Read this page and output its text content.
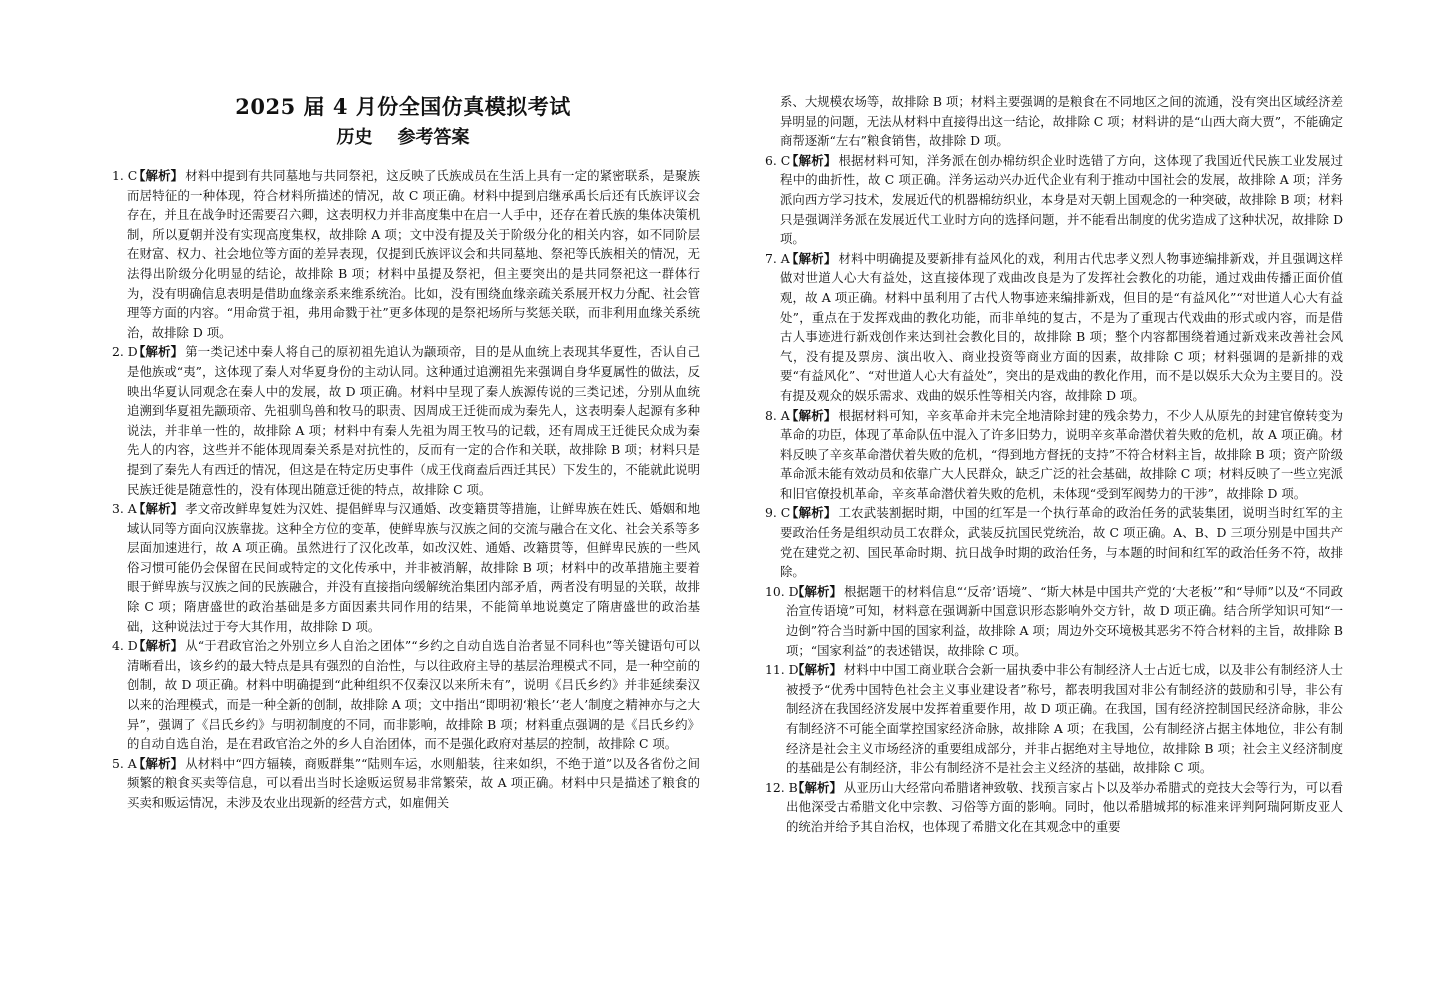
2025 届 4 月份全国仿真模拟考试
历史    参考答案
1. C
【解析】 材料中提到有共同墓地与共同祭祀，这反映了氏族成员在生活上具有一定的紧密联系，是聚族而居特征的一种体现，符合材料所描述的情况，故 C 项正确。材料中提到启继承禹长后还有氏族评议会存在，并且在战争时还需要召六卿，这表明权力并非高度集中在启一人手中，还存在着氏族的集体决策机制，所以夏朝并没有实现高度集权，故排除 A 项；文中没有提及关于阶级分化的相关内容，如不同阶层在财富、权力、社会地位等方面的差异表现，仅提到氏族评议会和共同墓地、祭祀等氏族相关的情况，无法得出阶级分化明显的结论，故排除 B 项；材料中虽提及祭祀，但主要突出的是共同祭祀这一群体行为，没有明确信息表明是借助血缘亲系来维系统治。比如，没有围绕血缘亲疏关系展开权力分配、社会管理等方面的内容。“用命赏于祖，弗用命戮于社”更多体现的是祭祀场所与奖惩关联，而非利用血缘关系统治，故排除 D 项。
2. D
【解析】 第一类记述中秦人将自己的原初祖先追认为颛顼帝，目的是从血统上表现其华夏性，否认自己是他族或“夷”，这体现了秦人对华夏身份的主动认同。这种通过追溯祖先来强调自身华夏属性的做法，反映出华夏认同观念在秦人中的发展，故 D 项正确。材料中呈现了秦人族源传说的三类记述，分别从血统追溯到华夏祖先颛顼帝、先祖驯鸟兽和牧马的职责、因周成王迁徙而成为秦先人，这表明秦人起源有多种说法，并非单一性的，故排除 A 项；材料中有秦人先祖为周王牧马的记载，还有周成王迁徙民众成为秦先人的内容，这些并不能体现周秦关系是对抗性的，反而有一定的合作和关联，故排除 B 项；材料只是提到了秦先人有西迁的情况，但这是在特定历史事件（成王伐商盍后西迁其民）下发生的，不能就此说明民族迁徙是随意性的，没有体现出随意迁徙的特点，故排除 C 项。
3. A
【解析】 孝文帝改鲜卑复姓为汉姓、提倡鲜卑与汉通婚、改变籍贯等措施，让鲜卑族在姓氏、婚姻和地域认同等方面向汉族靠拢。这种全方位的变革，使鲜卑族与汉族之间的交流与融合在文化、社会关系等多层面加速进行，故 A 项正确。虽然进行了汉化改革，如改汉姓、通婚、改籍贯等，但鲜卑民族的一些风俗习惯可能仍会保留在民间或特定的文化传承中，并非被消解，故排除 B 项；材料中的改革措施主要着眼于鲜卑族与汉族之间的民族融合，并没有直接指向缓解统治集团内部矛盾，两者没有明显的关联，故排除 C 项；隋唐盛世的政治基础是多方面因素共同作用的结果，不能简单地说奠定了隋唐盛世的政治基础，这种说法过于夸大其作用，故排除 D 项。
4. D
【解析】 从“于君政官治之外别立乡人自治之团体”“乡约之自动自选自治者显不同科也”等关键语句可以清晰看出，该乡约的最大特点是具有强烈的自治性，与以往政府主导的基层治理模式不同，是一种空前的创制，故 D 项正确。材料中明确提到“此种组织不仅秦汉以来所未有”，说明《吕氏乡约》并非延续秦汉以来的治理模式，而是一种全新的创制，故排除 A 项；文中指出“即明初‘粮长’‘老人’制度之精神亦与之大异”，强调了《吕氏乡约》与明初制度的不同，而非影响，故排除 B 项；材料重点强调的是《吕氏乡约》的自动自选自治，是在君政官治之外的乡人自治团体，而不是强化政府对基层的控制，故排除 C 项。
5. A
【解析】 从材料中“四方辐辏，商贩群集”“陆则车运，水则船装，往来如织，不绝于道”以及各省份之间频繁的粮食买卖等信息，可以看出当时长途贩运贸易非常繁荣，故 A 项正确。材料中只是描述了粮食的买卖和贩运情况，未涉及农业出现新的经营方式，如雇佣关
系、大规模农场等，故排除 B 项；材料主要强调的是粮食在不同地区之间的流通，没有突出区域经济差异明显的问题，无法从材料中直接得出这一结论，故排除 C 项；材料讲的是“山西大商大贾”，不能确定商帮逐渐“左右”粮食销售，故排除 D 项。
6. C
【解析】 根据材料可知，洋务派在创办棉纺织企业时选错了方向，这体现了我国近代民族工业发展过程中的曲折性，故 C 项正确。洋务运动兴办近代企业有利于推动中国社会的发展，故排除 A 项；洋务派向西方学习技术，发展近代的机器棉纺织业，本身是对天朝上国观念的一种突破，故排除 B 项；材料只是强调洋务派在发展近代工业时方向的选择问题，并不能看出制度的优劣造成了这种状况，故排除 D 项。
7. A
【解析】 材料中明确提及要新排有益风化的戏，利用古代忠孝义烈人物事迹编排新戏，并且强调这样做对世道人心大有益处，这直接体现了戏曲改良是为了发挥社会教化的功能，通过戏曲传播正面价值观，故 A 项正确。材料中虽利用了古代人物事迹来编排新戏，但目的是“有益风化”“对世道人心大有益处”，重点在于发挥戏曲的教化功能，而非单纯的复古，不是为了重现古代戏曲的形式或内容，而是借古人事迹进行新戏创作来达到社会教化目的，故排除 B 项；整个内容都围绕着通过新戏来改善社会风气，没有提及票房、演出收入、商业投资等商业方面的因素，故排除 C 项；材料强调的是新排的戏要“有益风化”、“对世道人心大有益处”，突出的是戏曲的教化作用，而不是以娱乐大众为主要目的。没有提及观众的娱乐需求、戏曲的娱乐性等相关内容，故排除 D 项。
8. A
【解析】 根据材料可知，辛亥革命并未完全地清除封建的残余势力，不少人从原先的封建官僚转变为革命的功臣，体现了革命队伍中混入了许多旧势力，说明辛亥革命潜伏着失败的危机，故 A 项正确。材料反映了辛亥革命潜伏着失败的危机，“得到地方督抚的支持”不符合材料主旨，故排除 B 项；资产阶级革命派未能有效动员和依靠广大人民群众，缺乏广泛的社会基础，故排除 C 项；材料反映了一些立宪派和旧官僚投机革命，辛亥革命潜伏着失败的危机，未体现“受到军阀势力的干涉”，故排除 D 项。
9. C
【解析】 工农武装割据时期，中国的红军是一个执行革命的政治任务的武装集团，说明当时红军的主要政治任务是组织动员工农群众，武装反抗国民党统治，故 C 项正确。A、B、D 三项分别是中国共产党在建党之初、国民革命时期、抗日战争时期的政治任务，与本题的时间和红军的政治任务不符，故排除。
10. D
【解析】 根据题干的材料信息“‘反帝’语境”、“斯大林是中国共产党的‘大老板’”和“导师”以及“不同政治宣传语境”可知，材料意在强调新中国意识形态影响外交方针，故 D 项正确。结合所学知识可知“一边倒”符合当时新中国的国家利益，故排除 A 项；周边外交环境极其恶劣不符合材料的主旨，故排除 B 项；“国家利益”的表述错误，故排除 C 项。
11. D
【解析】 材料中中国工商业联合会新一届执委中非公有制经济人士占近七成，以及非公有制经济人士被授予“优秀中国特色社会主义事业建设者”称号，都表明我国对非公有制经济的鼓励和引导，非公有制经济在我国经济发展中发挥着重要作用，故 D 项正确。在我国，国有经济控制国民经济命脉，非公有制经济不可能全面掌控国家经济命脉，故排除 A 项；在我国，公有制经济占据主体地位，非公有制经济是社会主义市场经济的重要组成部分，并非占据绝对主导地位，故排除 B 项；社会主义经济制度的基础是公有制经济，非公有制经济不是社会主义经济的基础，故排除 C 项。
12. B
【解析】 从亚历山大经常向希腊诸神致敬、找预言家占卜以及举办希腊式的竞技大会等行为，可以看出他深受古希腊文化中宗教、习俗等方面的影响。同时，他以希腊城邦的标准来评判阿瑞阿斯皮亚人的统治并给予其自治权，也体现了希腊文化在其观念中的重要
